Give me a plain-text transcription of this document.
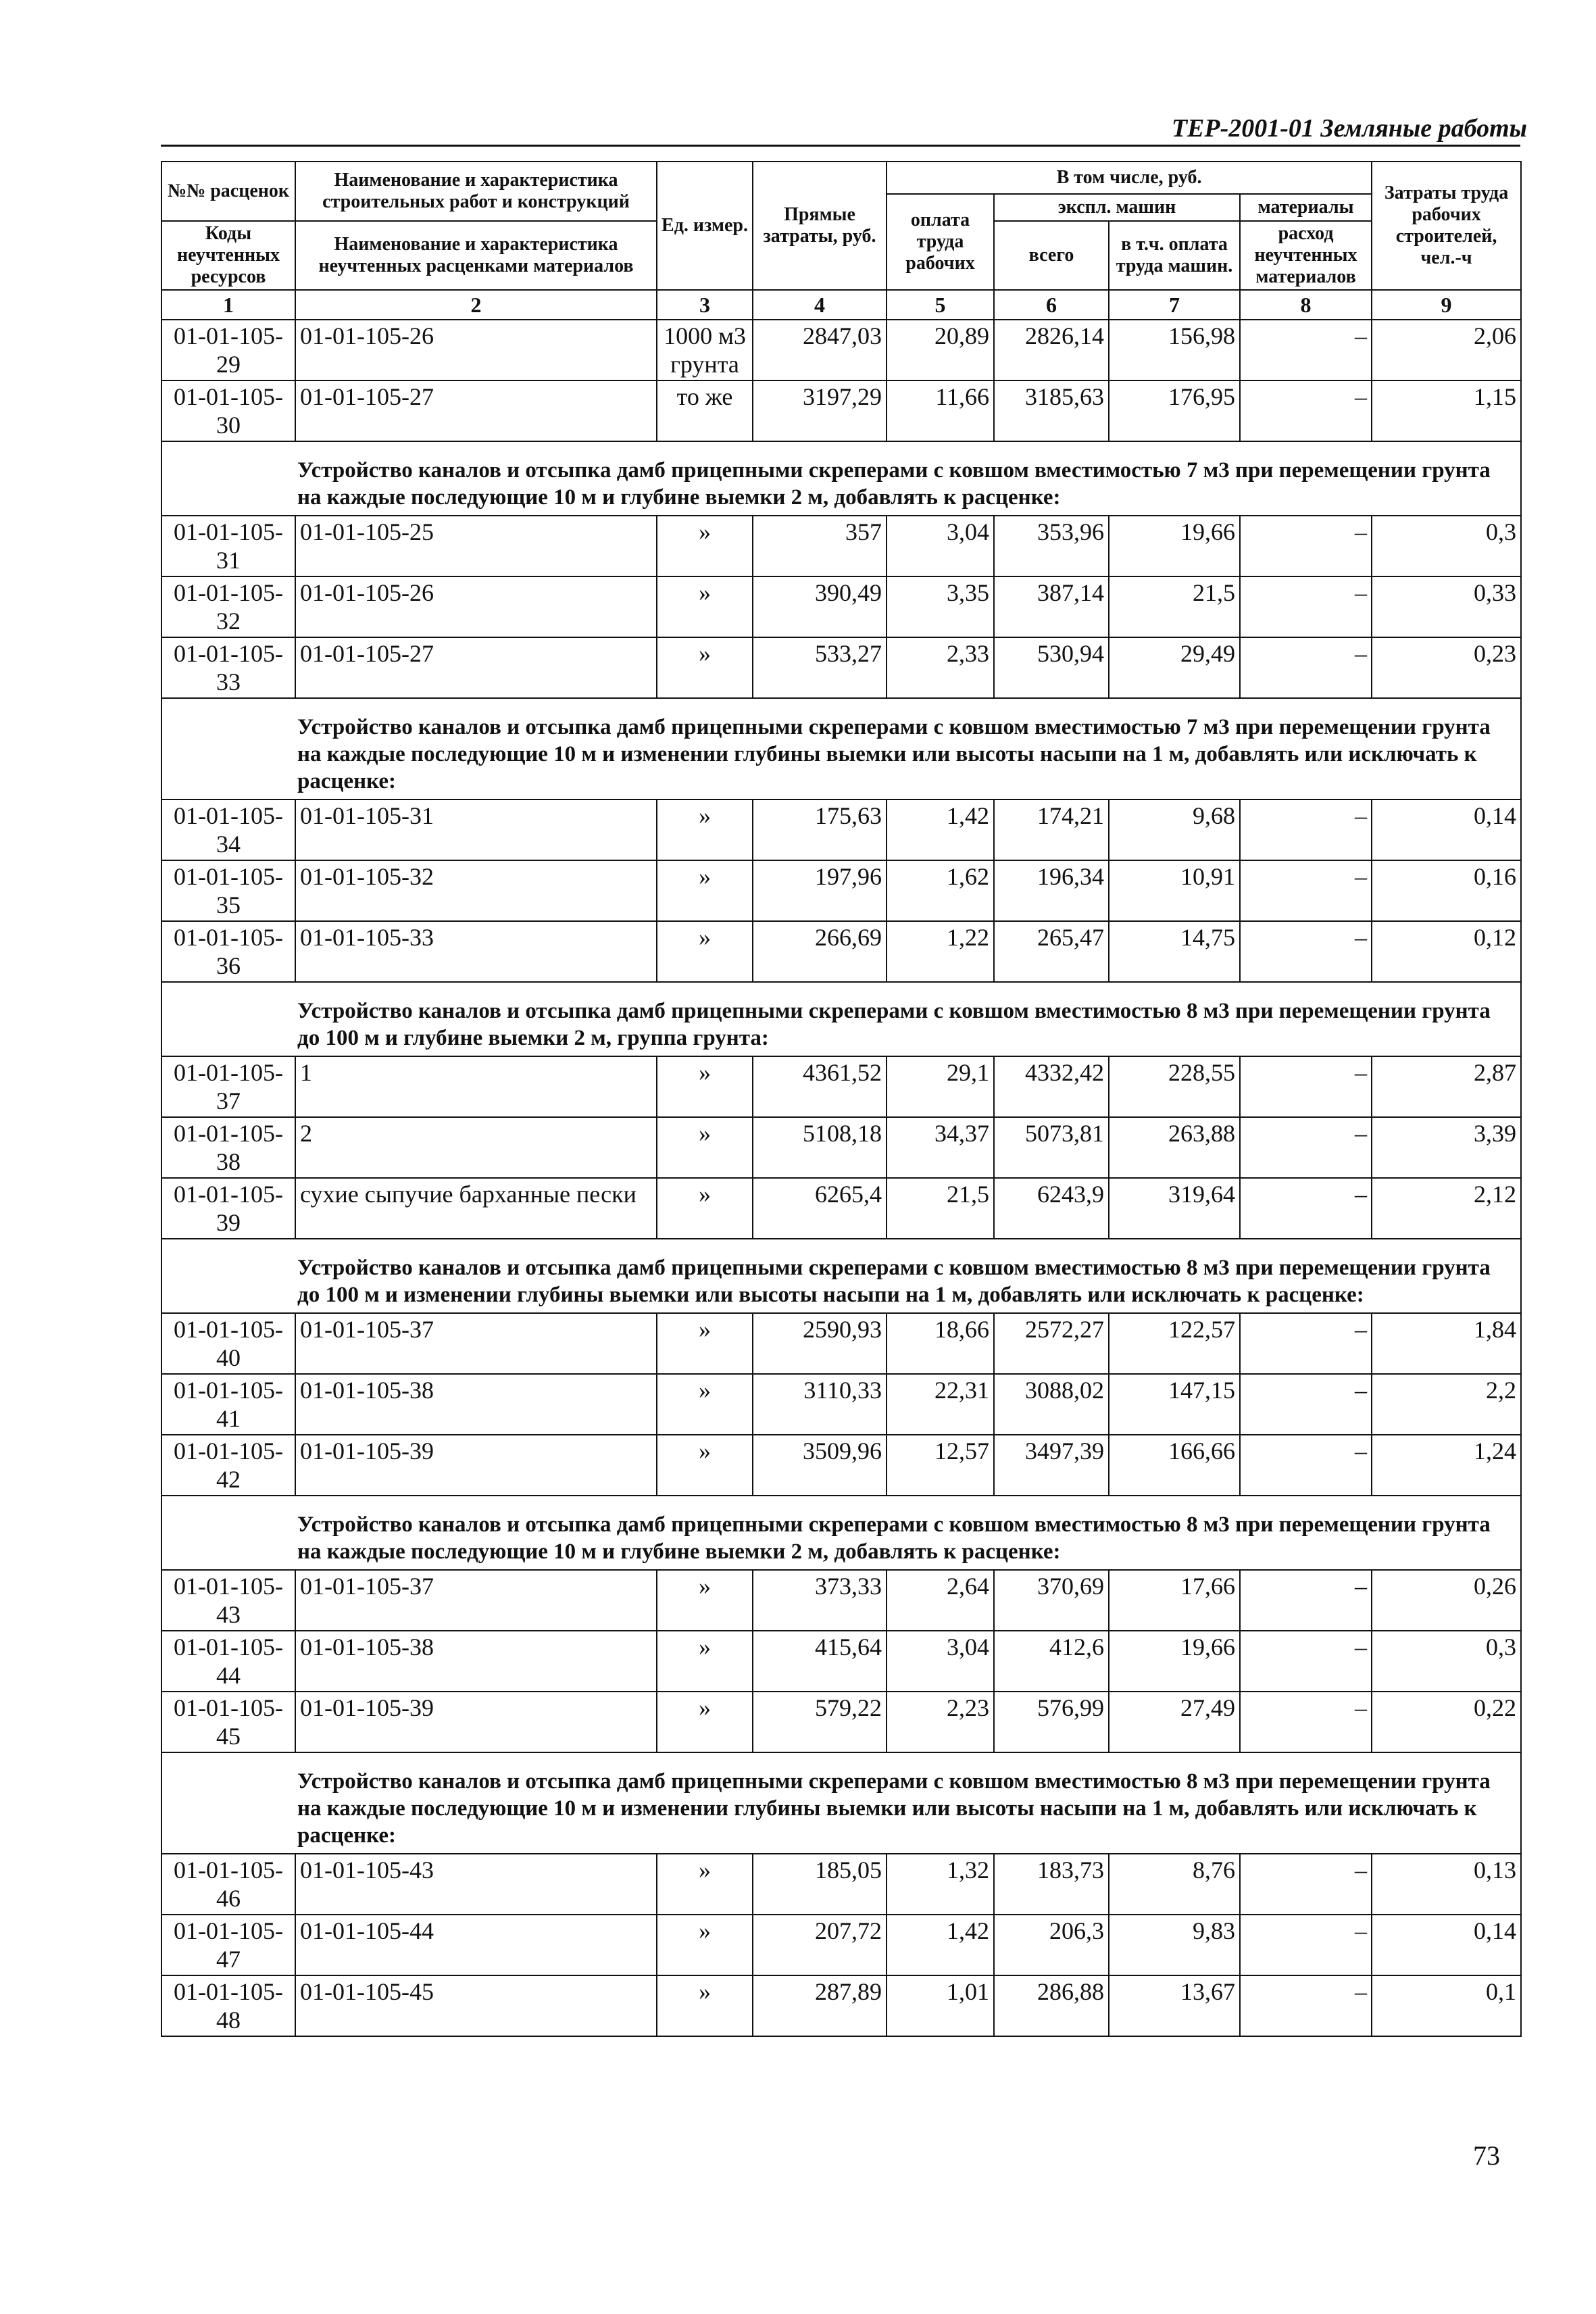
ТЕР-2001-01 Земляные работы
№№ расценок	Наименование и характеристика строительных работ и конструкций	Ед. измер.	Прямые затраты, руб.	В том числе, руб.				Затраты труда рабочих строителей, чел.-ч
				оплата труда рабочих	экспл. машин		материалы	
Коды неучтенных ресурсов	Наименование и характеристика неучтенных расценками материалов				всего	в т.ч. оплата труда машин.	расход неучтенных материалов	

1	2	3	4	5	6	7	8	9
01-01-105-29	01-01-105-26	1000 м3 грунта	2847,03	20,89	2826,14	156,98	–	2,06
01-01-105-30	01-01-105-27	то же	3197,29	11,66	3185,63	176,95	–	1,15
Устройство каналов и отсыпка дамб прицепными скреперами с ковшом вместимостью 7 м3 при перемещении грунта на каждые последующие 10 м и глубине выемки 2 м, добавлять к расценке:								
01-01-105-31	01-01-105-25	»	357	3,04	353,96	19,66	–	0,3
01-01-105-32	01-01-105-26	»	390,49	3,35	387,14	21,5	–	0,33
01-01-105-33	01-01-105-27	»	533,27	2,33	530,94	29,49	–	0,23
Устройство каналов и отсыпка дамб прицепными скреперами с ковшом вместимостью 7 м3 при перемещении грунта на каждые последующие 10 м и изменении глубины выемки или высоты насыпи на 1 м, добавлять или исключать к расценке:								
01-01-105-34	01-01-105-31	»	175,63	1,42	174,21	9,68	–	0,14
01-01-105-35	01-01-105-32	»	197,96	1,62	196,34	10,91	–	0,16
01-01-105-36	01-01-105-33	»	266,69	1,22	265,47	14,75	–	0,12
Устройство каналов и отсыпка дамб прицепными скреперами с ковшом вместимостью 8 м3 при перемещении грунта до 100 м и глубине выемки 2 м, группа грунта:								
01-01-105-37	1	»	4361,52	29,1	4332,42	228,55	–	2,87
01-01-105-38	2	»	5108,18	34,37	5073,81	263,88	–	3,39
01-01-105-39	сухие сыпучие барханные пески	»	6265,4	21,5	6243,9	319,64	–	2,12
Устройство каналов и отсыпка дамб прицепными скреперами с ковшом вместимостью 8 м3 при перемещении грунта до 100 м и изменении глубины выемки или высоты насыпи на 1 м, добавлять или исключать к расценке:								
01-01-105-40	01-01-105-37	»	2590,93	18,66	2572,27	122,57	–	1,84
01-01-105-41	01-01-105-38	»	3110,33	22,31	3088,02	147,15	–	2,2
01-01-105-42	01-01-105-39	»	3509,96	12,57	3497,39	166,66	–	1,24
Устройство каналов и отсыпка дамб прицепными скреперами с ковшом вместимостью 8 м3 при перемещении грунта на каждые последующие 10 м и глубине выемки 2 м, добавлять к расценке:								
01-01-105-43	01-01-105-37	»	373,33	2,64	370,69	17,66	–	0,26
01-01-105-44	01-01-105-38	»	415,64	3,04	412,6	19,66	–	0,3
01-01-105-45	01-01-105-39	»	579,22	2,23	576,99	27,49	–	0,22
Устройство каналов и отсыпка дамб прицепными скреперами с ковшом вместимостью 8 м3 при перемещении грунта на каждые последующие 10 м и изменении глубины выемки или высоты насыпи на 1 м, добавлять или исключать к расценке:								
01-01-105-46	01-01-105-43	»	185,05	1,32	183,73	8,76	–	0,13
01-01-105-47	01-01-105-44	»	207,72	1,42	206,3	9,83	–	0,14
01-01-105-48	01-01-105-45	»	287,89	1,01	286,88	13,67	–	0,1
73
